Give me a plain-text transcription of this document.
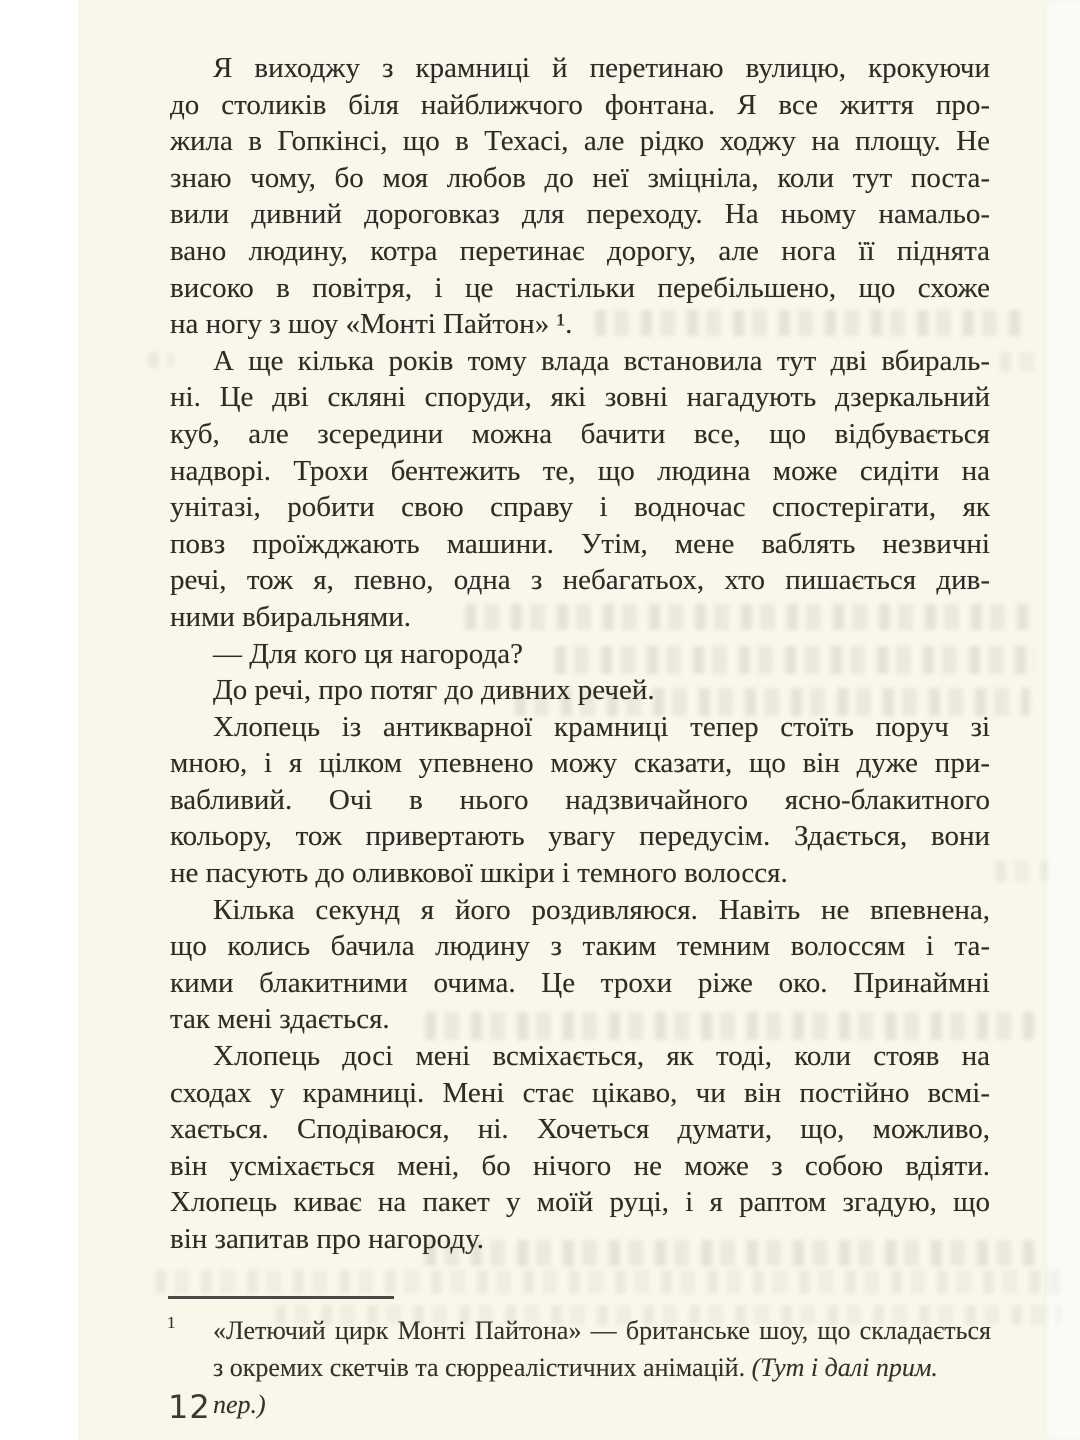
Я виходжу з крамниці й перетинаю вулицю, крокуючи
до столиків біля найближчого фонтана. Я все життя про-
жила в Гопкінсі, що в Техасі, але рідко ходжу на площу. Не
знаю чому, бо моя любов до неї зміцніла, коли тут поста-
вили дивний дороговказ для переходу. На ньому намальо-
вано людину, котра перетинає дорогу, але нога її піднята
високо в повітря, і це настільки перебільшено, що схоже
на ногу з шоу «Монті Пайтон» ¹.

А ще кілька років тому влада встановила тут дві вбираль-
ні. Це дві скляні споруди, які зовні нагадують дзеркальний
куб, але зсередини можна бачити все, що відбувається
надворі. Трохи бентежить те, що людина може сидіти на
унітазі, робити свою справу і водночас спостерігати, як
повз проїжджають машини. Утім, мене ваблять незвичні
речі, тож я, певно, одна з небагатьох, хто пишається див-
ними вбиральнями.

— Для кого ця нагорода?

До речі, про потяг до дивних речей.

Хлопець із антикварної крамниці тепер стоїть поруч зі
мною, і я цілком упевнено можу сказати, що він дуже при-
вабливий. Очі в нього надзвичайного ясно-блакитного
кольору, тож привертають увагу передусім. Здається, вони
не пасують до оливкової шкіри і темного волосся.

Кілька секунд я його роздивляюся. Навіть не впевнена,
що колись бачила людину з таким темним волоссям і та-
кими блакитними очима. Це трохи ріже око. Принаймні
так мені здається.

Хлопець досі мені всміхається, як тоді, коли стояв на
сходах у крамниці. Мені стає цікаво, чи він постійно всмі-
хається. Сподіваюся, ні. Хочеться думати, що, можливо,
він усміхається мені, бо нічого не може з собою вдіяти.
Хлопець киває на пакет у моїй руці, і я раптом згадую, що
він запитав про нагороду.

1 «Летючий цирк Монті Пайтона» — британське шоу, що складається
з окремих скетчів та сюрреалістичних анімацій. (Тут і далі прим. пер.)
12
